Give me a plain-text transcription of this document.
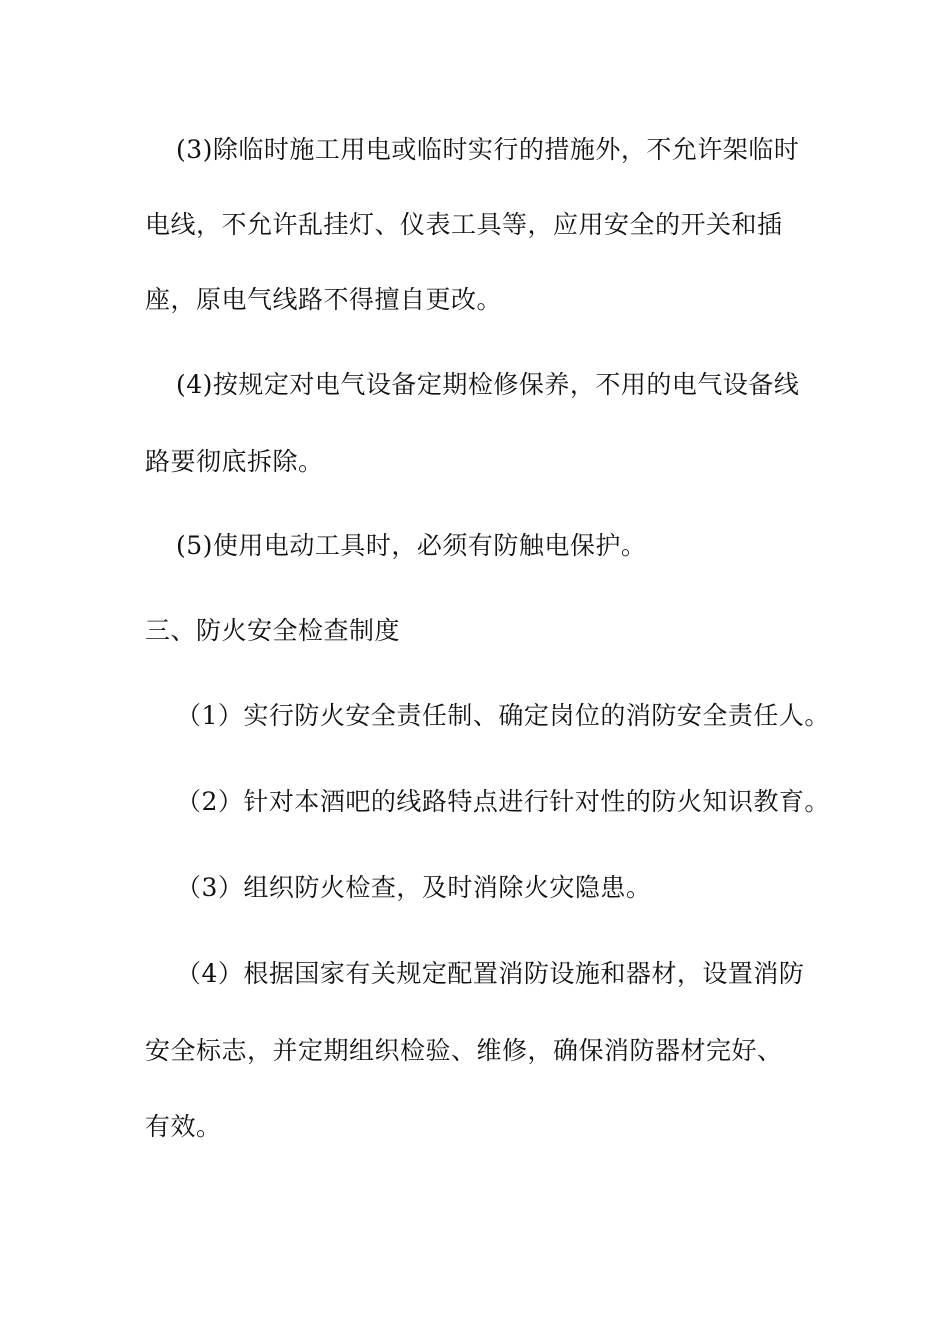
(3)除临时施工用电或临时实行的措施外，不允许架临时
电线，不允许乱挂灯、仪表工具等，应用安全的开关和插
座，原电气线路不得擅自更改。
(4)按规定对电气设备定期检修保养，不用的电气设备线
路要彻底拆除。
(5)使用电动工具时，必须有防触电保护。
三、防火安全检查制度
（1）实行防火安全责任制、确定岗位的消防安全责任人。
（2）针对本酒吧的线路特点进行针对性的防火知识教育。
（3）组织防火检查，及时消除火灾隐患。
（4）根据国家有关规定配置消防设施和器材，设置消防
安全标志，并定期组织检验、维修，确保消防器材完好、
有效。
